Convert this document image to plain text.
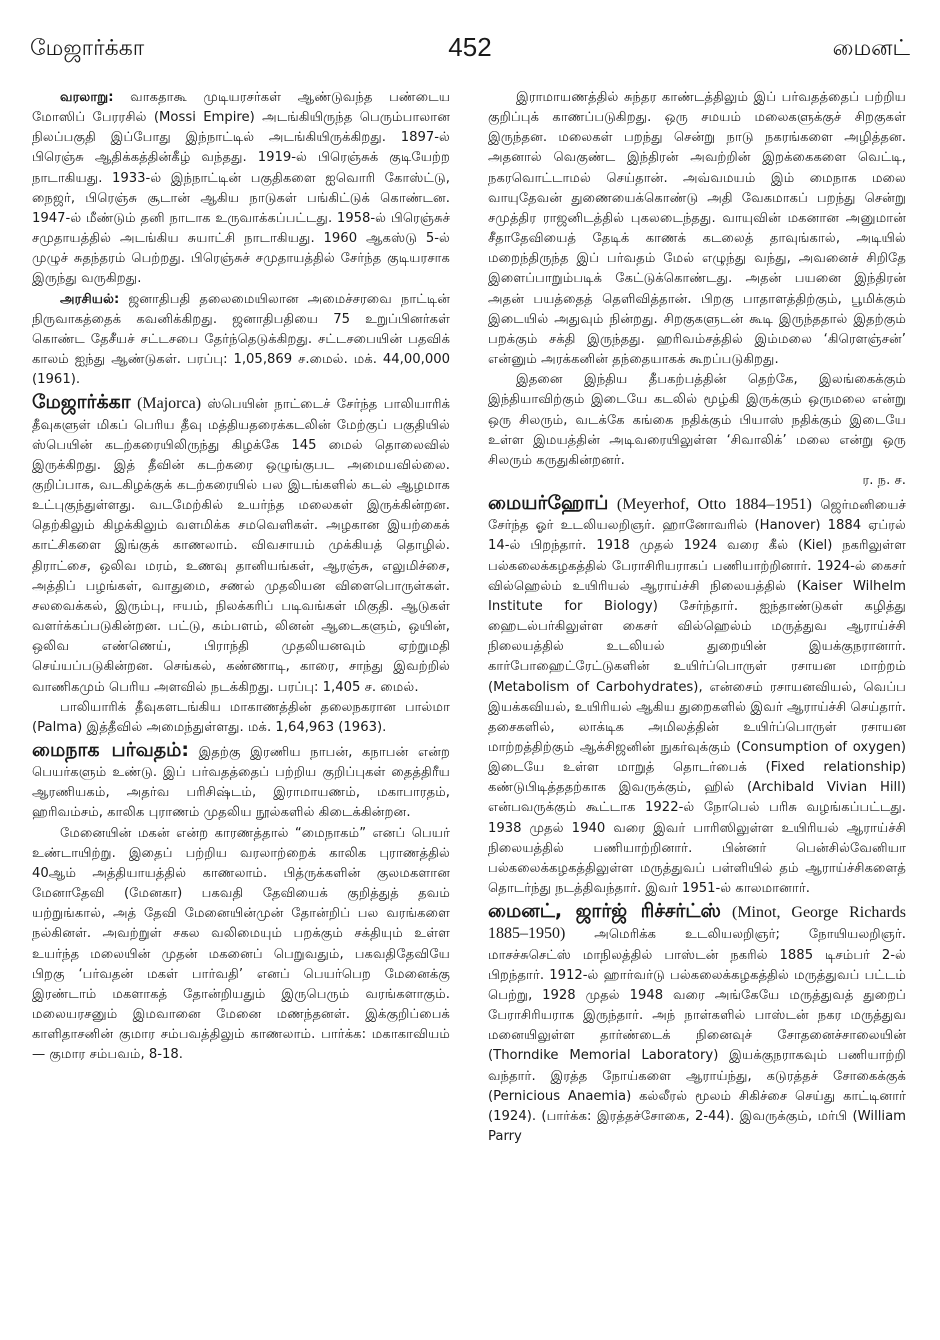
மேஜார்க்கா	452	மைனட்

வரலாறு: வாகதாகூ முடியரசர்கள் ஆண்டுவந்த பண்டைய மோஸிப் பேரரசில் (Mossi Empire) அடங்கியிருந்த பெரும்பாலான நிலப்பகுதி இப்போது இந்நாட்டில் அடங்கியிருக்கிறது. 1897-ல் பிரெஞ்சு ஆதிக்கத்தின்கீழ் வந்தது. 1919-ல் பிரெஞ்சுக் குடியேற்ற நாடாகியது. 1933-ல் இந்நாட்டின் பகுதிகளை ஐவொரி கோஸ்ட்டு, நைஜர், பிரெஞ்சு சூடான் ஆகிய நாடுகள் பங்கிட்டுக் கொண்டன. 1947-ல் மீண்டும் தனி நாடாக உருவாக்கப்பட்டது. 1958-ல் பிரெஞ்சுச் சமுதாயத்தில் அடங்கிய சுயாட்சி நாடாகியது. 1960 ஆகஸ்டு 5-ல் முழுச் சுதந்தரம் பெற்றது. பிரெஞ்சுச் சமுதாயத்தில் சேர்ந்த குடியரசாக இருந்து வருகிறது.

அரசியல்: ஜனாதிபதி தலைமையிலான அமைச்சரவை நாட்டின் நிருவாகத்தைக் கவனிக்கிறது. ஜனாதிபதியை 75 உறுப்பினர்கள் கொண்ட தேசீயச் சட்டசபை தேர்ந்தெடுக்கிறது. சட்டசபையின் பதவிக் காலம் ஐந்து ஆண்டுகள். பரப்பு: 1,05,869 ச.மைல். மக். 44,00,000 (1961).

மேஜார்க்கா (Majorca) ஸ்பெயின் நாட்டைச் சேர்ந்த பாலியாரிக் தீவுகளுள் மிகப் பெரிய தீவு மத்தியதரைக்கடலின் மேற்குப் பகுதியில் ஸ்பெயின் கடற்கரையிலிருந்து கிழக்கே 145 மைல் தொலைவில் இருக்கிறது. இத் தீவின் கடற்கரை ஒழுங்குபட அமையவில்லை. குறிப்பாக, வடகிழக்குக் கடற்கரையில் பல இடங்களில் கடல் ஆழமாக உட்புகுந்துள்ளது. வடமேற்கில் உயர்ந்த மலைகள் இருக்கின்றன. தெற்கிலும் கிழக்கிலும் வளமிக்க சமவெளிகள். அழகான இயற்கைக் காட்சிகளை இங்குக் காணலாம். விவசாயம் முக்கியத் தொழில். திராட்சை, ஒலிவ மரம், உணவு தானியங்கள், ஆரஞ்சு, எலுமிச்சை, அத்திப் பழங்கள், வாதுமை, சணல் முதலியன விளைபொருள்கள். சலவைக்கல், இரும்பு, ஈயம், நிலக்கரிப் படிவங்கள் மிகுதி. ஆடுகள் வளர்க்கப்படுகின்றன. பட்டு, கம்பளம், லினன் ஆடைகளும், ஒயின், ஒலிவ எண்ணெய், பிராந்தி முதலியனவும் ஏற்றுமதி செய்யப்படுகின்றன. செங்கல், கண்ணாடி, காரை, சாந்து இவற்றில் வாணிகமும் பெரிய அளவில் நடக்கிறது. பரப்பு: 1,405 ச. மைல்.

பாலியாரிக் தீவுகளடங்கிய மாகாணத்தின் தலைநகரான பால்மா (Palma) இத்தீவில் அமைந்துள்ளது. மக். 1,64,963 (1963).

மைநாக பர்வதம்: இதற்கு இரணிய நாபன், கநாபன் என்ற பெயர்களும் உண்டு. இப் பர்வதத்தைப் பற்றிய குறிப்புகள் தைத்திரீய ஆரணியகம், அதர்வ பரிசிஷ்டம், இராமாயணம், மகாபாரதம், ஹரிவம்சம், காலிக புராணம் முதலிய நூல்களில் கிடைக்கின்றன.

மேனையின் மகன் என்ற காரணத்தால் “மைநாகம்” எனப் பெயர் உண்டாயிற்று. இதைப் பற்றிய வரலாற்றைக் காலிக புராணத்தில் 40ஆம் அத்தியாயத்தில் காணலாம். பித்ருக்களின் குலமகளான மேனாதேவி (மேனகா) பகவதி தேவியைக் குறித்துத் தவம் யற்றுங்கால், அத் தேவி மேனையின்முன் தோன்றிப் பல வரங்களை நல்கினள். அவற்றுள் சகல வலிமையும் பறக்கும் சக்தியும் உள்ள உயர்ந்த மலையின் முதன் மகனைப் பெறுவதும், பகவதிதேவியே பிறகு ‘பர்வதன் மகள் பார்வதி’ எனப் பெயர்பெற மேனைக்கு இரண்டாம் மகளாகத் தோன்றியதும் இருபெரும் வரங்களாகும். மலையரசனும் இமவானை மேனை மணந்தனள். இக்குறிப்பைக் காளிதாசனின் குமார சம்பவத்திலும் காணலாம். பார்க்க: மகாகாவியம் — குமார சம்பவம், 8-18.

இராமாயணத்தில் சுந்தர காண்டத்திலும் இப் பர்வதத்தைப் பற்றிய குறிப்புக் காணப்படுகிறது. ஒரு சமயம் மலைகளுக்குச் சிறகுகள் இருந்தன. மலைகள் பறந்து சென்று நாடு நகரங்களை அழித்தன. அதனால் வெகுண்ட இந்திரன் அவற்றின் இறக்கைகளை வெட்டி, நகரவொட்டாமல் செய்தான். அவ்வமயம் இம் மைநாக மலை வாயுதேவன் துணையைக்கொண்டு அதி வேகமாகப் பறந்து சென்று சமுத்திர ராஜனிடத்தில் புகலடைந்தது. வாயுவின் மகனான அனுமான் சீதாதேவியைத் தேடிக் காணக் கடலைத் தாவுங்கால், அடியில் மறைந்திருந்த இப் பர்வதம் மேல் எழுந்து வந்து, அவனைச் சிறிதே இளைப்பாறும்படிக் கேட்டுக்கொண்டது. அதன் பயனை இந்திரன் அதன் பயத்தைத் தெளிவித்தான். பிறகு பாதாளத்திற்கும், பூமிக்கும் இடையில் அதுவும் நின்றது. சிறகுகளுடன் கூடி இருந்ததால் இதற்கும் பறக்கும் சக்தி இருந்தது. ஹரிவம்சத்தில் இம்மலை ‘கிரௌஞ்சன்’ என்னும் அரக்கனின் தந்தையாகக் கூறப்படுகிறது.

இதனை இந்திய தீபகற்பத்தின் தெற்கே, இலங்கைக்கும் இந்தியாவிற்கும் இடையே கடலில் மூழ்கி இருக்கும் ஒருமலை என்று ஒரு சிலரும், வடக்கே கங்கை நதிக்கும் பியாஸ் நதிக்கும் இடையே உள்ள இமயத்தின் அடிவரையிலுள்ள ‘சிவாலிக்’ மலை என்று ஒரு சிலரும் கருதுகின்றனர்.
ர. ந. ச.

மையர்ஹோப் (Meyerhof, Otto 1884–1951) ஜெர்மனியைச் சேர்ந்த ஓர் உடலியலறிஞர். ஹானோவரில் (Hanover) 1884 ஏப்ரல் 14-ல் பிறந்தார். 1918 முதல் 1924 வரை கீல் (Kiel) நகரிலுள்ள பல்கலைக்கழகத்தில் பேராசிரியராகப் பணியாற்றினார். 1924-ல் கைசர் வில்ஹெல்ம் உயிரியல் ஆராய்ச்சி நிலையத்தில் (Kaiser Wilhelm Institute for Biology) சேர்ந்தார். ஐந்தாண்டுகள் கழித்து ஹைடல்பர்கிலுள்ள கைசர் வில்ஹெல்ம் மருத்துவ ஆராய்ச்சி நிலையத்தில் உடலியல் துறையின் இயக்குநரானார். கார்போஹைட்ரேட்டுகளின் உயிர்ப்பொருள் ரசாயன மாற்றம் (Metabolism of Carbohydrates), என்சைம் ரசாயனவியல், வெப்ப இயக்கவியல், உயிரியல் ஆகிய துறைகளில் இவர் ஆராய்ச்சி செய்தார். தசைகளில், லாக்டிக அமிலத்தின் உயிர்ப்பொருள் ரசாயன மாற்றத்திற்கும் ஆக்சிஜனின் நுகர்வுக்கும் (Consumption of oxygen) இடையே உள்ள மாறுத் தொடர்பைக் (Fixed relationship) கண்டுபிடித்ததற்காக இவருக்கும், ஹில் (Archibald Vivian Hill) என்பவருக்கும் கூட்டாக 1922-ல் நோபெல் பரிசு வழங்கப்பட்டது. 1938 முதல் 1940 வரை இவர் பாரிஸிலுள்ள உயிரியல் ஆராய்ச்சி நிலையத்தில் பணியாற்றினார். பின்னர் பென்சில்வேனியா பல்கலைக்கழகத்திலுள்ள மருத்துவப் பள்ளியில் தம் ஆராய்ச்சிகளைத் தொடர்ந்து நடத்திவந்தார். இவர் 1951-ல் காலமானார்.

மைனட், ஜார்ஜ் ரிச்சர்ட்ஸ் (Minot, George Richards 1885–1950) அமெரிக்க உடலியலறிஞர்; நோயியலறிஞர். மாசச்சுசெட்ஸ் மாநிலத்தில் பாஸ்டன் நகரில் 1885 டிசம்பர் 2-ல் பிறந்தார். 1912-ல் ஹார்வர்டு பல்கலைக்கழகத்தில் மருத்துவப் பட்டம் பெற்று, 1928 முதல் 1948 வரை அங்கேயே மருத்துவத் துறைப் பேராசிரியராக இருந்தார். அந் நாள்களில் பாஸ்டன் நகர மருத்துவ மனையிலுள்ள தார்ண்டைக் நினைவுச் சோதனைச்சாலையின் (Thorndike Memorial Laboratory) இயக்குநராகவும் பணியாற்றி வந்தார். இரத்த நோய்களை ஆராய்ந்து, கடுரத்தச் சோகைக்குக் (Pernicious Anaemia) கல்லீரல் மூலம் சிகிச்சை செய்து காட்டினார் (1924). (பார்க்க: இரத்தச்சோகை, 2-44). இவருக்கும், மர்பி (William Parry
